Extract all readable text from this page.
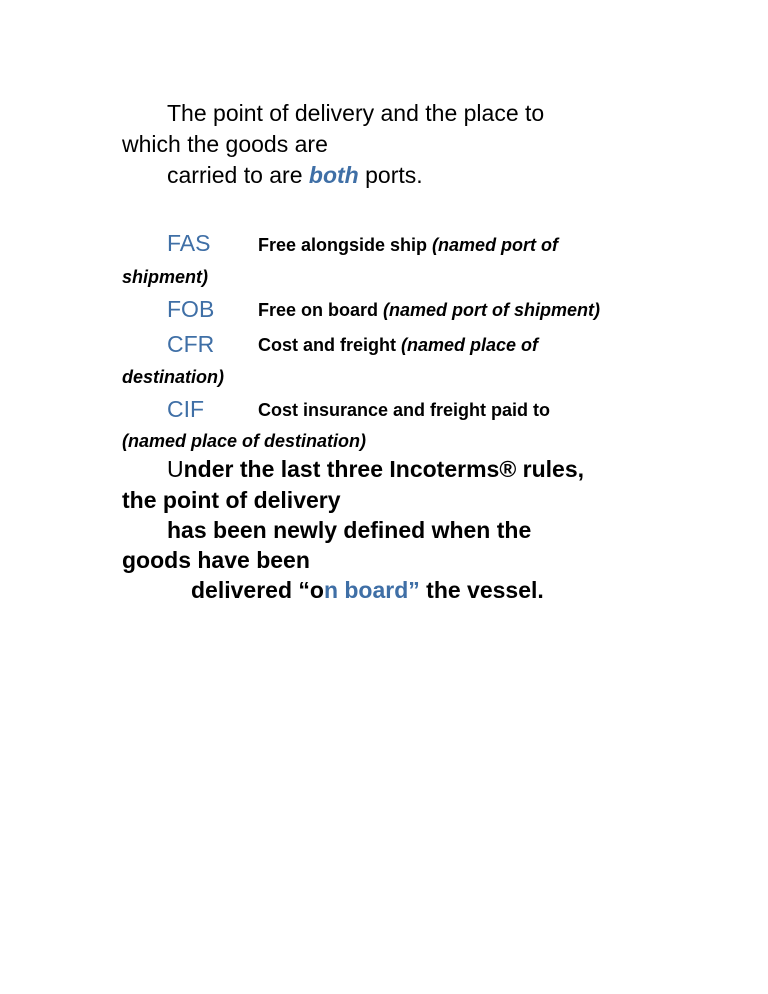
The point of delivery and the place to
which the goods are
carried to are both ports.
FAS	Free alongside ship (named port of
shipment)
FOB Free on board (named port of shipment)
CFR Cost and freight (named place of
destination)
CIF	Cost insurance and freight paid to
(named place of destination)
Under the last three Incoterms® rules,
the point of delivery
has been newly defined when the
goods have been
delivered “on board” the vessel.
